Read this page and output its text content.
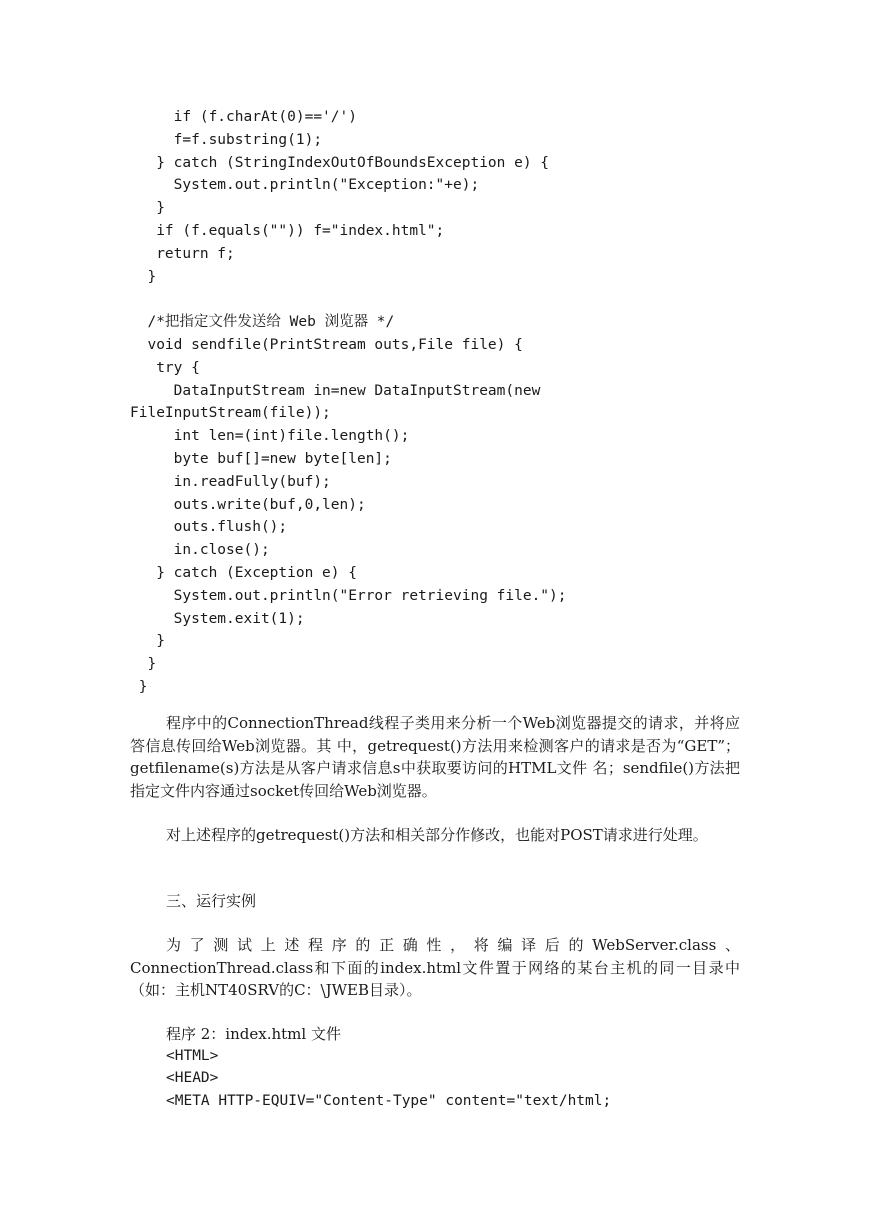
if (f.charAt(0)=='/')
f=f.substring(1);
} catch (StringIndexOutOfBoundsException e) {
System.out.println("Exception:"+e);
}
if (f.equals("")) f="index.html";
return f;
}
/*把指定文件发送给 Web 浏览器 */
void sendfile(PrintStream outs,File file) {
try {
DataInputStream in=new DataInputStream(new
FileInputStream(file));
int len=(int)file.length();
byte buf[]=new byte[len];
in.readFully(buf);
outs.write(buf,0,len);
outs.flush();
in.close();
} catch (Exception e) {
System.out.println("Error retrieving file.");
System.exit(1);
}
}
}

程序中的ConnectionThread线程子类用来分析一个Web浏览器提交的请求，并将应答信息传回给Web浏览器。其 中，getrequest()方法用来检测客户的请求是否为“GET”；getfilename(s)方法是从客户请求信息s中获取要访问的HTML文件 名；sendfile()方法把指定文件内容通过socket传回给Web浏览器。

对上述程序的getrequest()方法和相关部分作修改，也能对POST请求进行处理。

三、运行实例

为了测试上述程序的正确性，将编译后的WebServer.class、ConnectionThread.class和下面的index.html文件置于网络的某台主机的同一目录中（如：主机NT40SRV的C：\JWEB目录）。

程序 2：index.html 文件
<HTML>
<HEAD>
<META HTTP-EQUIV="Content-Type" content="text/html;
